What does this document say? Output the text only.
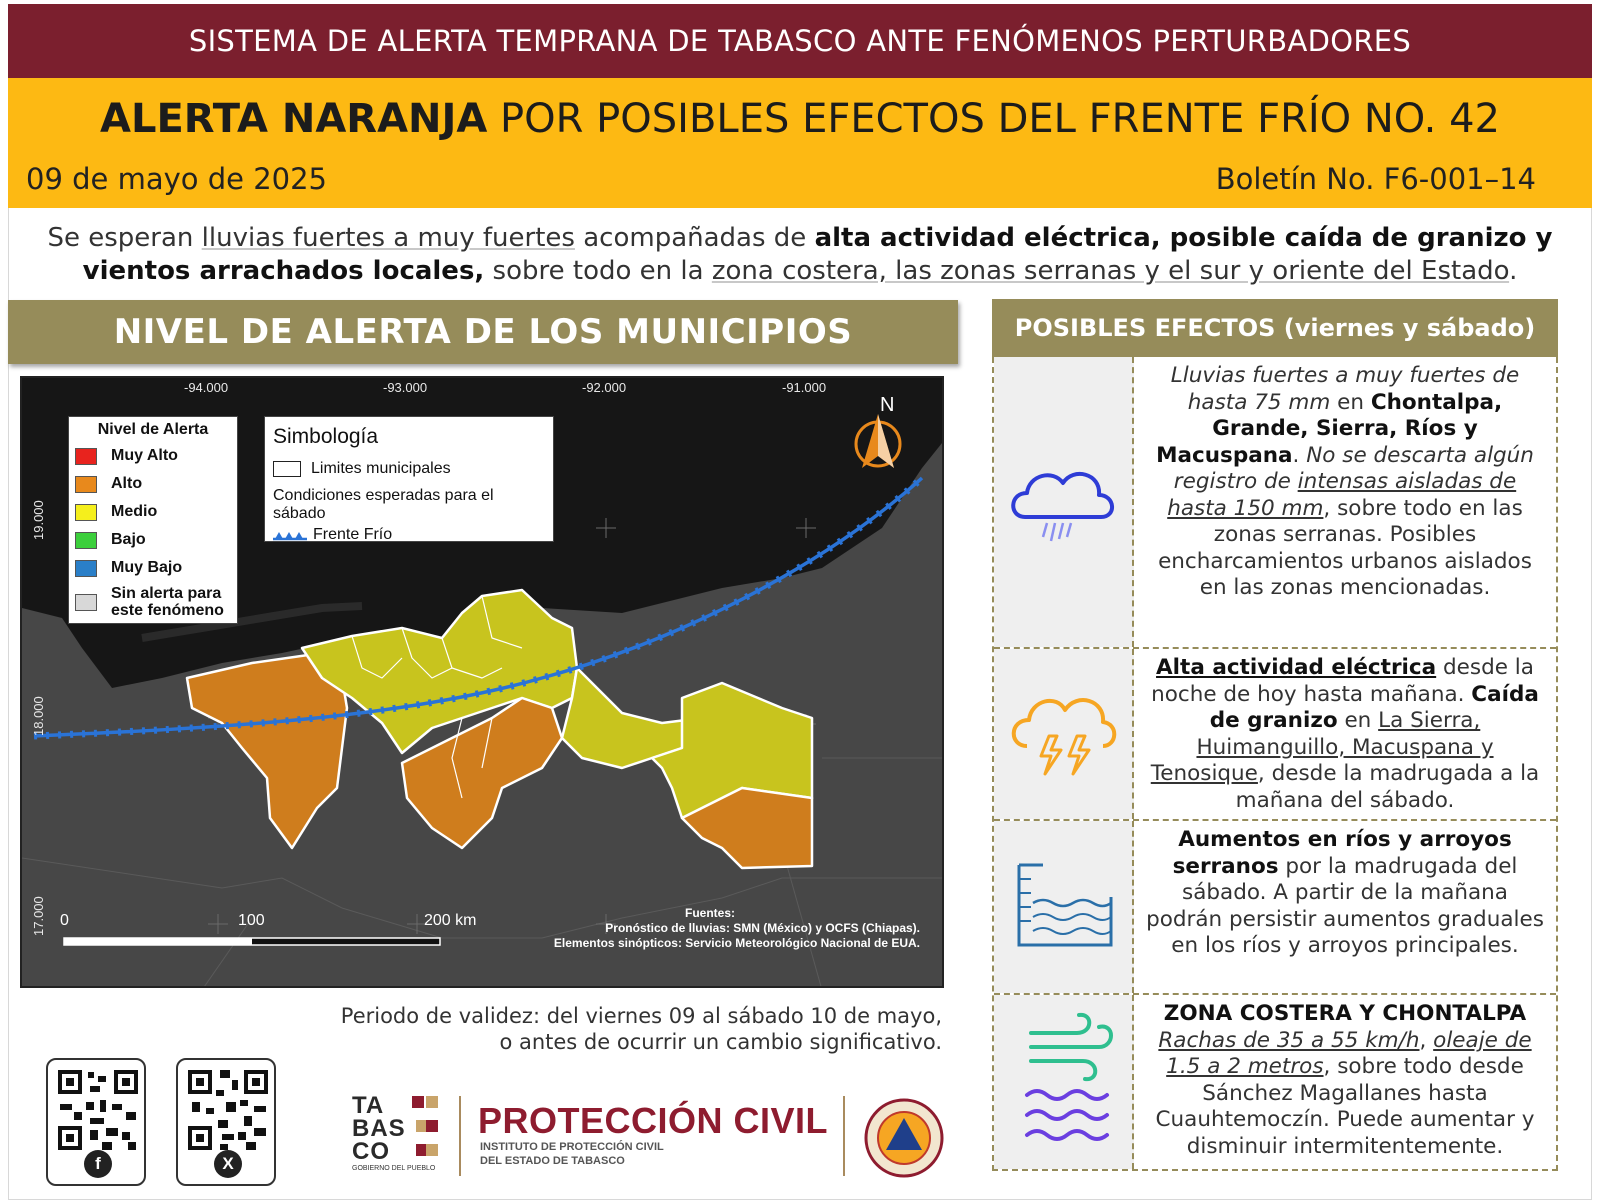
SISTEMA DE ALERTA TEMPRANA DE TABASCO ANTE FENÓMENOS PERTURBADORES
ALERTA NARANJA POR POSIBLES EFECTOS DEL FRENTE FRÍO NO. 42
09 de mayo de 2025	Boletín No. F6-001–14
Se esperan lluvias fuertes a muy fuertes acompañadas de alta actividad eléctrica, posible caída de granizo y vientos arrachados locales, sobre todo en la zona costera, las zonas serranas y el sur y oriente del Estado.
NIVEL DE ALERTA DE LOS MUNICIPIOS
-94.000	-93.000	-92.000	-91.000
19.000
18.000
17.000
N
Nivel de Alerta
Muy Alto
Alto
Medio
Bajo
Muy Bajo
Sin alerta para este fenómeno
Simbología
Limites municipales
Condiciones esperadas para el sábado
Frente Frío
0	100	200 km	Fuentes:
Pronóstico de lluvias: SMN (México) y OCFS (Chiapas).
Elementos sinópticos: Servicio Meteorológico Nacional de EUA.
Periodo de validez: del viernes 09 al sábado 10 de mayo,
o antes de ocurrir un cambio significativo.
f	X
TA
BAS
CO
GOBIERNO DEL PUEBLO
PROTECCIÓN CIVIL
INSTITUTO DE PROTECCIÓN CIVIL
DEL ESTADO DE TABASCO
POSIBLES EFECTOS (viernes y sábado)
Lluvias fuertes a muy fuertes de hasta 75 mm en Chontalpa, Grande, Sierra, Ríos y Macuspana. No se descarta algún registro de intensas aisladas de hasta 150 mm, sobre todo en las zonas serranas. Posibles encharcamientos urbanos aislados en las zonas mencionadas.
Alta actividad eléctrica desde la noche de hoy hasta mañana. Caída de granizo en La Sierra, Huimanguillo, Macuspana y Tenosique, desde la madrugada a la mañana del sábado.
Aumentos en ríos y arroyos serranos por la madrugada del sábado. A partir de la mañana podrán persistir aumentos graduales en los ríos y arroyos principales.
ZONA COSTERA Y CHONTALPA
Rachas de 35 a 55 km/h, oleaje de 1.5 a 2 metros, sobre todo desde Sánchez Magallanes hasta Cuauhtemoczín. Puede aumentar y disminuir intermitentemente.
